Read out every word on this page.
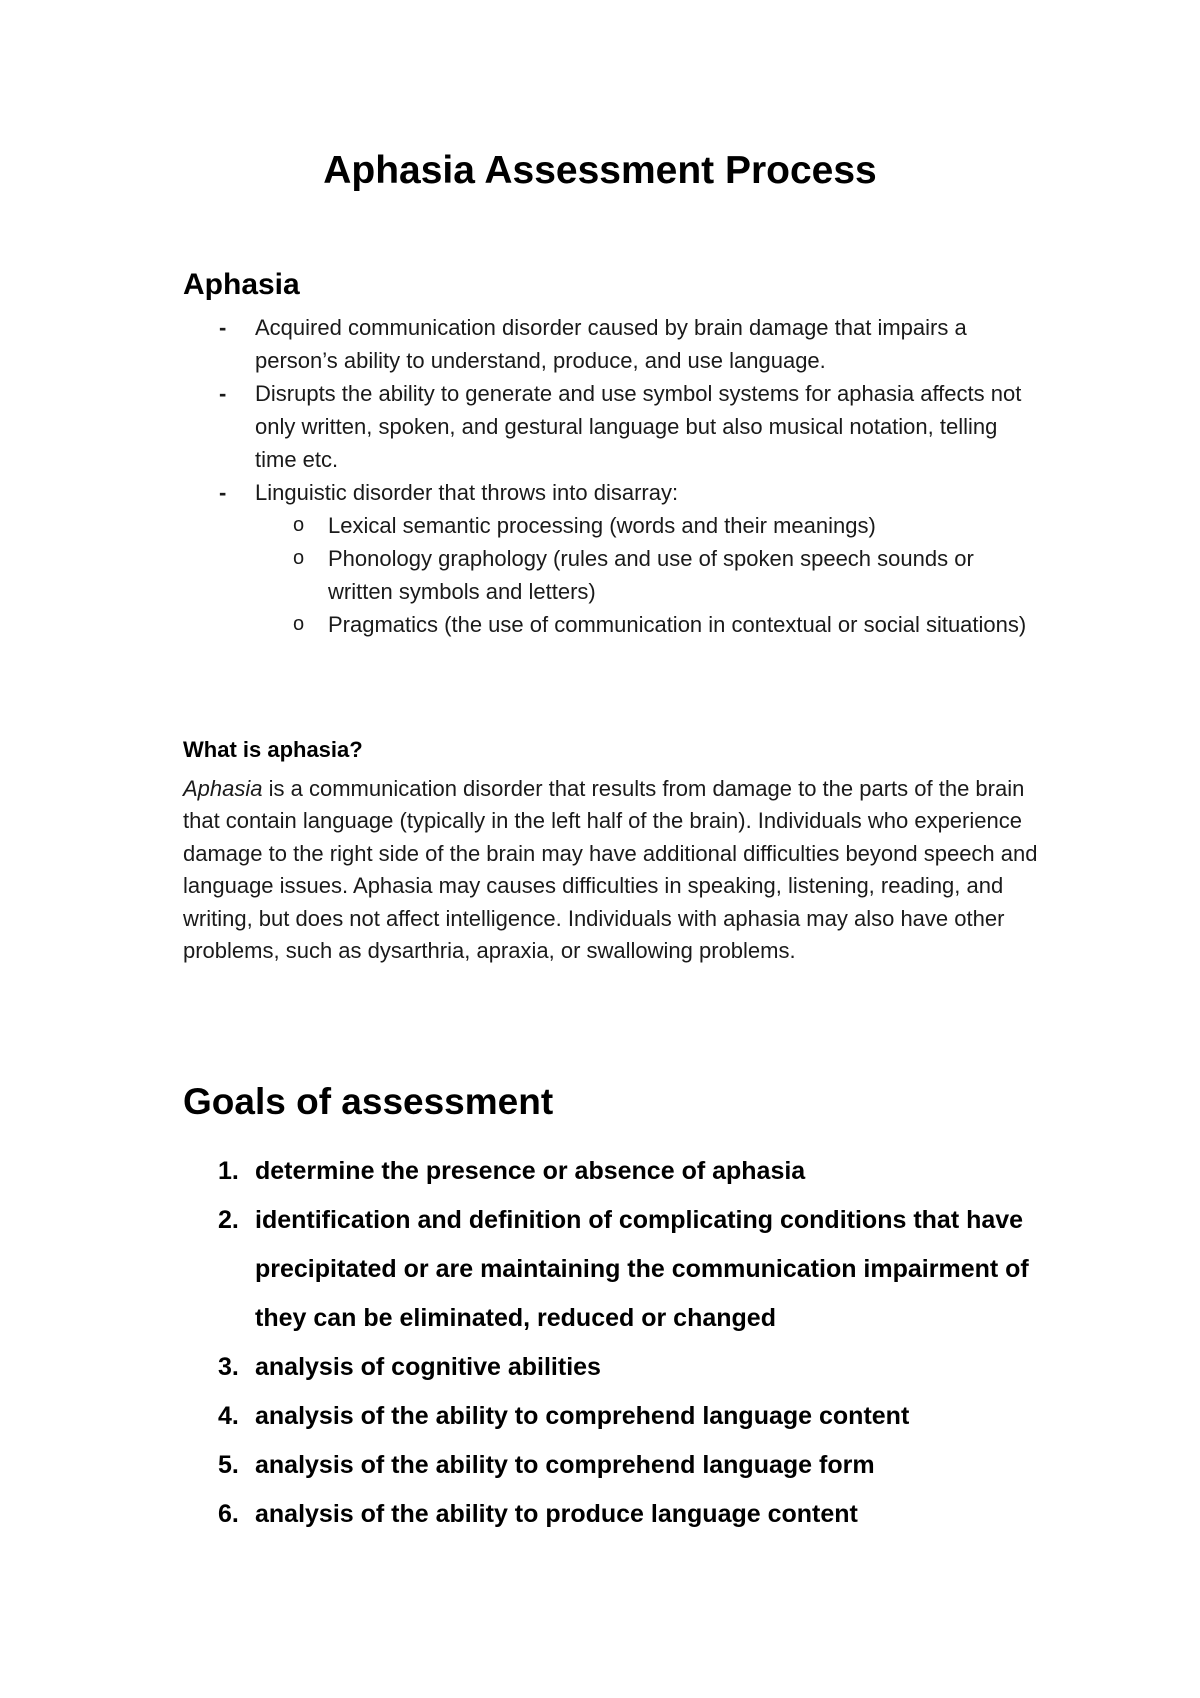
Aphasia Assessment Process
Aphasia
- Acquired communication disorder caused by brain damage that impairs a person’s ability to understand, produce, and use language.
- Disrupts the ability to generate and use symbol systems for aphasia affects not only written, spoken, and gestural language but also musical notation, telling time etc.
- Linguistic disorder that throws into disarray:
o Lexical semantic processing (words and their meanings)
o Phonology graphology (rules and use of spoken speech sounds or written symbols and letters)
o Pragmatics (the use of communication in contextual or social situations)
What is aphasia?

Aphasia is a communication disorder that results from damage to the parts of the brain that contain language (typically in the left half of the brain). Individuals who experience damage to the right side of the brain may have additional difficulties beyond speech and language issues. Aphasia may causes difficulties in speaking, listening, reading, and writing, but does not affect intelligence. Individuals with aphasia may also have other problems, such as dysarthria, apraxia, or swallowing problems.

Goals of assessment
1. determine the presence or absence of aphasia
2. identification and definition of complicating conditions that have precipitated or are maintaining the communication impairment of they can be eliminated, reduced or changed
3. analysis of cognitive abilities
4. analysis of the ability to comprehend language content
5. analysis of the ability to comprehend language form
6. analysis of the ability to produce language content
